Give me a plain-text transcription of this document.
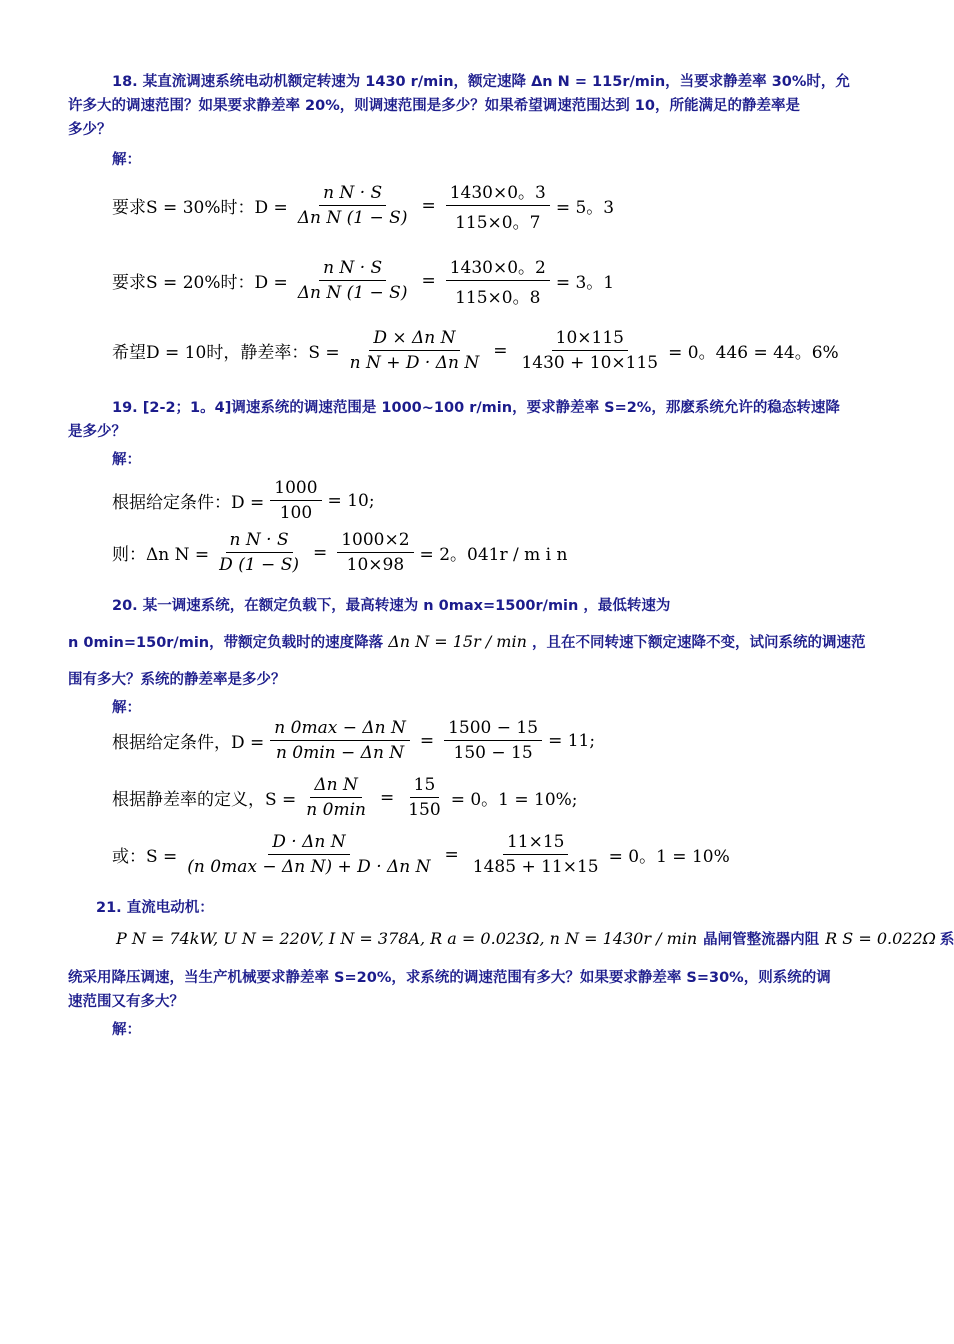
18. 某直流调速系统电动机额定转速为 1430 r/min，额定速降 Δn N = 115r/min，当要求静差率 30%时，允
许多大的调速范围？如果要求静差率 20%，则调速范围是多少？如果希望调速范围达到 10，所能满足的静差率是
多少？
解：
要求S = 30%时：$D = \frac{\text{n N · S}}{\text{Δn N (1 − S)}} = \frac{1430\times 0。3}{115\times 0。7} = 5$。3
要求S = 20%时：$D = \frac{\text{n N · S}}{\text{Δn N (1 − S)}} = \frac{1430\times 0。2}{115\times 0。8} = 3$。1
希望D = 10时，静差率：$S = \frac{\text{D × Δn N}}{\text{n N + D · Δn N}} = \frac{10\times 115}{1430 + 10\times 115} = 0$。446 = 44。6%
19. [2-2；1。4]调速系统的调速范围是 1000~100 r/min，要求静差率 S=2%，那麽系统允许的稳态转速降
是多少？
解：
根据给定条件：$D = \frac{1000}{100} = 10$;
则：Δn $N = \frac{\text{n N · S}}{D (1 - S)} = \frac{1000\times 2}{10\times 98} = 2$。041r / m i n
20. 某一调速系统，在额定负载下，最高转速为 n 0max=1500r/min ，最低转速为
n 0min=150r/min，带额定负载时的速度降落 Δn N = 15r / min ，且在不同转速下额定速降不变，试问系统的调速范
围有多大？系统的静差率是多少？
解：
根据给定条件，$D = \frac{\text{n 0max − Δn N}}{\text{n 0min − Δn N}} = \frac{1500 - 15}{150 - 15} = 11$;
根据静差率的定义，$S = \frac{\text{Δn N}}{n 0\min} = \frac{15}{150} = 0$。1 = 10%;
或：$S = \frac{\text{D · Δn N}}{\text{(n 0max − Δn N) + D · Δn N}} = \frac{11\times 15}{1485 + 11\times 15} = 0$。1 = 10%
21. 直流电动机：
P N = 74kW, U N = 220V, I N = 378A, R a = 0.023Ω, n N = 1430r / min 晶闸管整流器内阻 R S = 0.022Ω 系
统采用降压调速，当生产机械要求静差率 S=20%，求系统的调速范围有多大？如果要求静差率 S=30%，则系统的调
速范围又有多大？
解：
